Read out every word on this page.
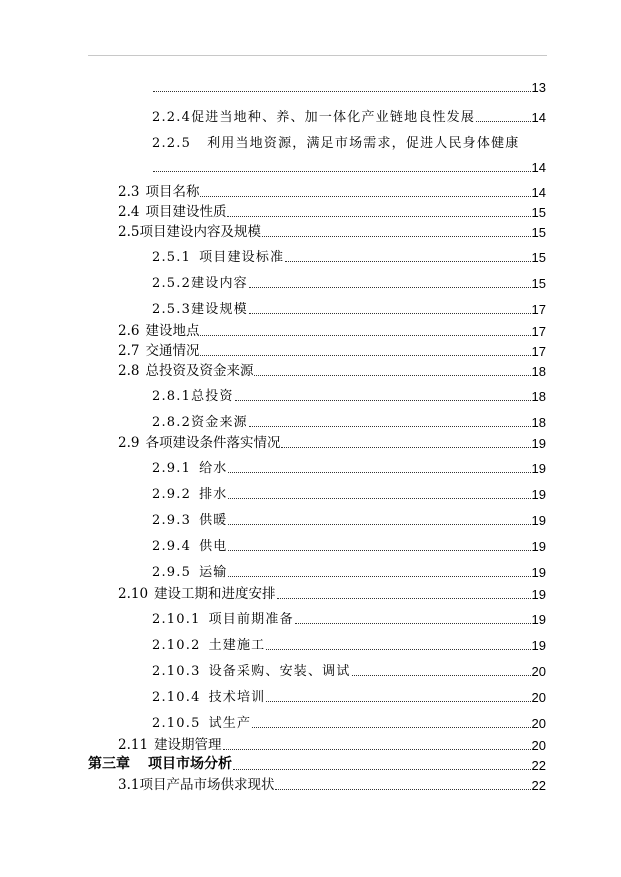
13
2.2.4 促进当地种、养、加一体化产业链地良性发展	14
2.2.5 利用当地资源，满足市场需求，促进人民身体健康
14
2.3 项目名称	14
2.4 项目建设性质	15
2.5 项目建设内容及规模	15
2.5.1 项目建设标准	15
2.5.2 建设内容	15
2.5.3 建设规模	17
2.6 建设地点	17
2.7 交通情况	17
2.8 总投资及资金来源	18
2.8.1 总投资	18
2.8.2 资金来源	18
2.9 各项建设条件落实情况	19
2.9.1 给水	19
2.9.2 排水	19
2.9.3 供暖	19
2.9.4 供电	19
2.9.5 运输	19
2.10 建设工期和进度安排	19
2.10.1 项目前期准备	19
2.10.2 土建施工	19
2.10.3 设备采购、安装、调试	20
2.10.4 技术培训	20
2.10.5 试生产	20
2.11 建设期管理	20
第三章 项目市场分析	22
3.1 项目产品市场供求现状	22
